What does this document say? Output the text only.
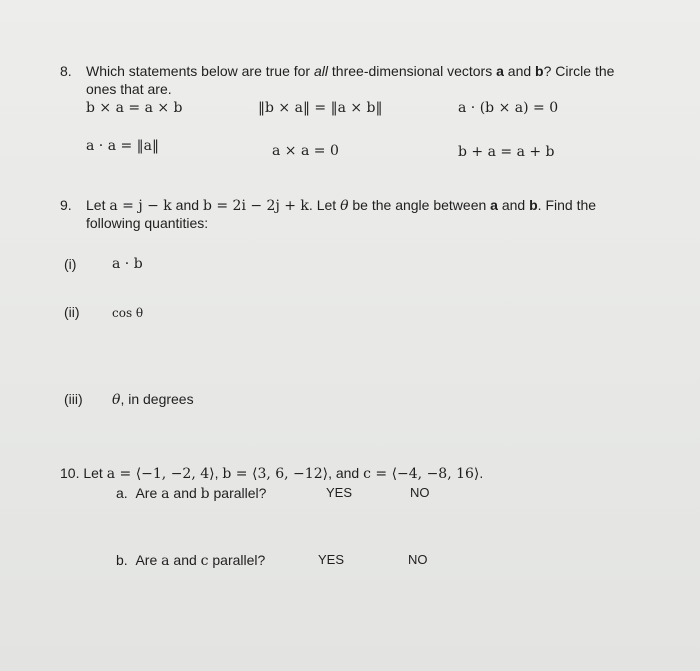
8. Which statements below are true for all three-dimensional vectors a and b? Circle the
ones that are.
b × a = a × b	‖b × a‖ = ‖a × b‖	a · (b × a) = 0
a · a = ‖a‖	a × a = 0	b + a = a + b
9. Let a = j − k and b = 2i − 2j + k. Let θ be the angle between a and b. Find the
following quantities:
(i)	a · b
(ii)	cos θ
(iii) θ, in degrees
10. Let a = ⟨−1, −2, 4⟩, b = ⟨3, 6, −12⟩, and c = ⟨−4, −8, 16⟩.
a. Are a and b parallel?	YES	NO
b. Are a and c parallel?	YES	NO
